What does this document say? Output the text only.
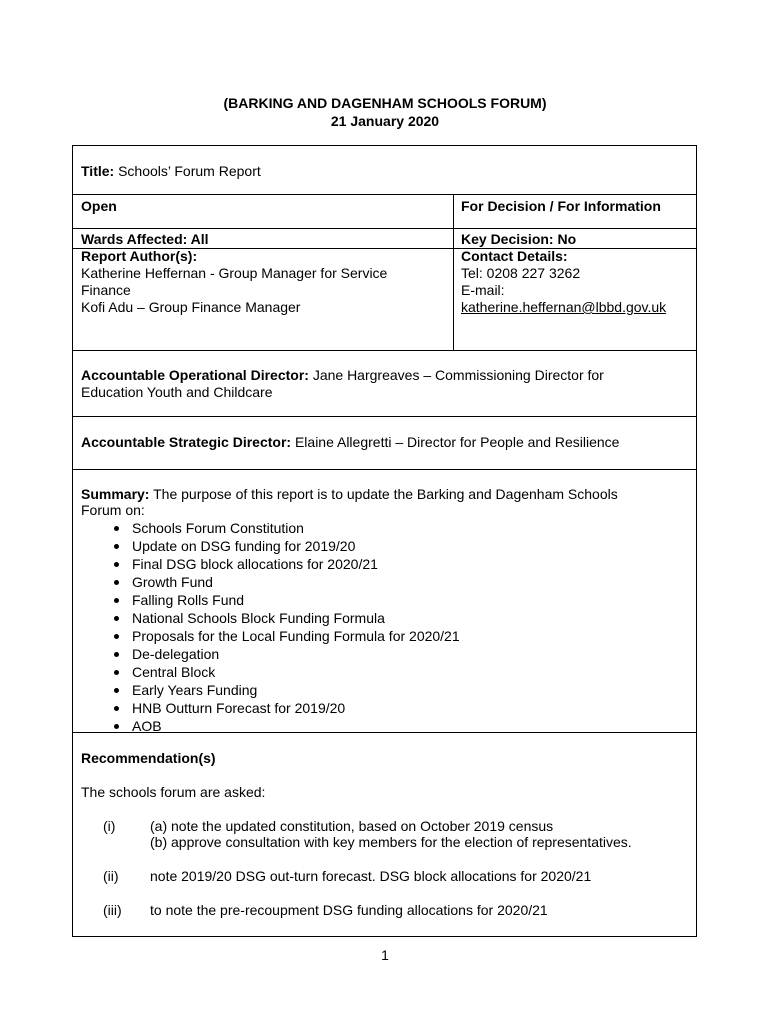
(BARKING AND DAGENHAM SCHOOLS FORUM)
21 January 2020
Title: Schools’ Forum Report
Open	For Decision / For Information
Wards Affected: All	Key Decision: No
Report Author(s):
Katherine Heffernan - Group Manager for Service
Finance
Kofi Adu – Group Finance Manager
Contact Details:
Tel: 0208 227 3262
E-mail:
katherine.heffernan@lbbd.gov.uk
Accountable Operational Director: Jane Hargreaves – Commissioning Director for
Education Youth and Childcare
Accountable Strategic Director: Elaine Allegretti – Director for People and Resilience
Summary: The purpose of this report is to update the Barking and Dagenham Schools
Forum on:
Schools Forum Constitution
Update on DSG funding for 2019/20
Final DSG block allocations for 2020/21
Growth Fund
Falling Rolls Fund
National Schools Block Funding Formula
Proposals for the Local Funding Formula for 2020/21
De-delegation
Central Block
Early Years Funding
HNB Outturn Forecast for 2019/20
AOB
Recommendation(s)
The schools forum are asked:
(i) (a) note the updated constitution, based on October 2019 census
(b) approve consultation with key members for the election of representatives.
(ii) note 2019/20 DSG out-turn forecast. DSG block allocations for 2020/21
(iii) to note the pre-recoupment DSG funding allocations for 2020/21
1
